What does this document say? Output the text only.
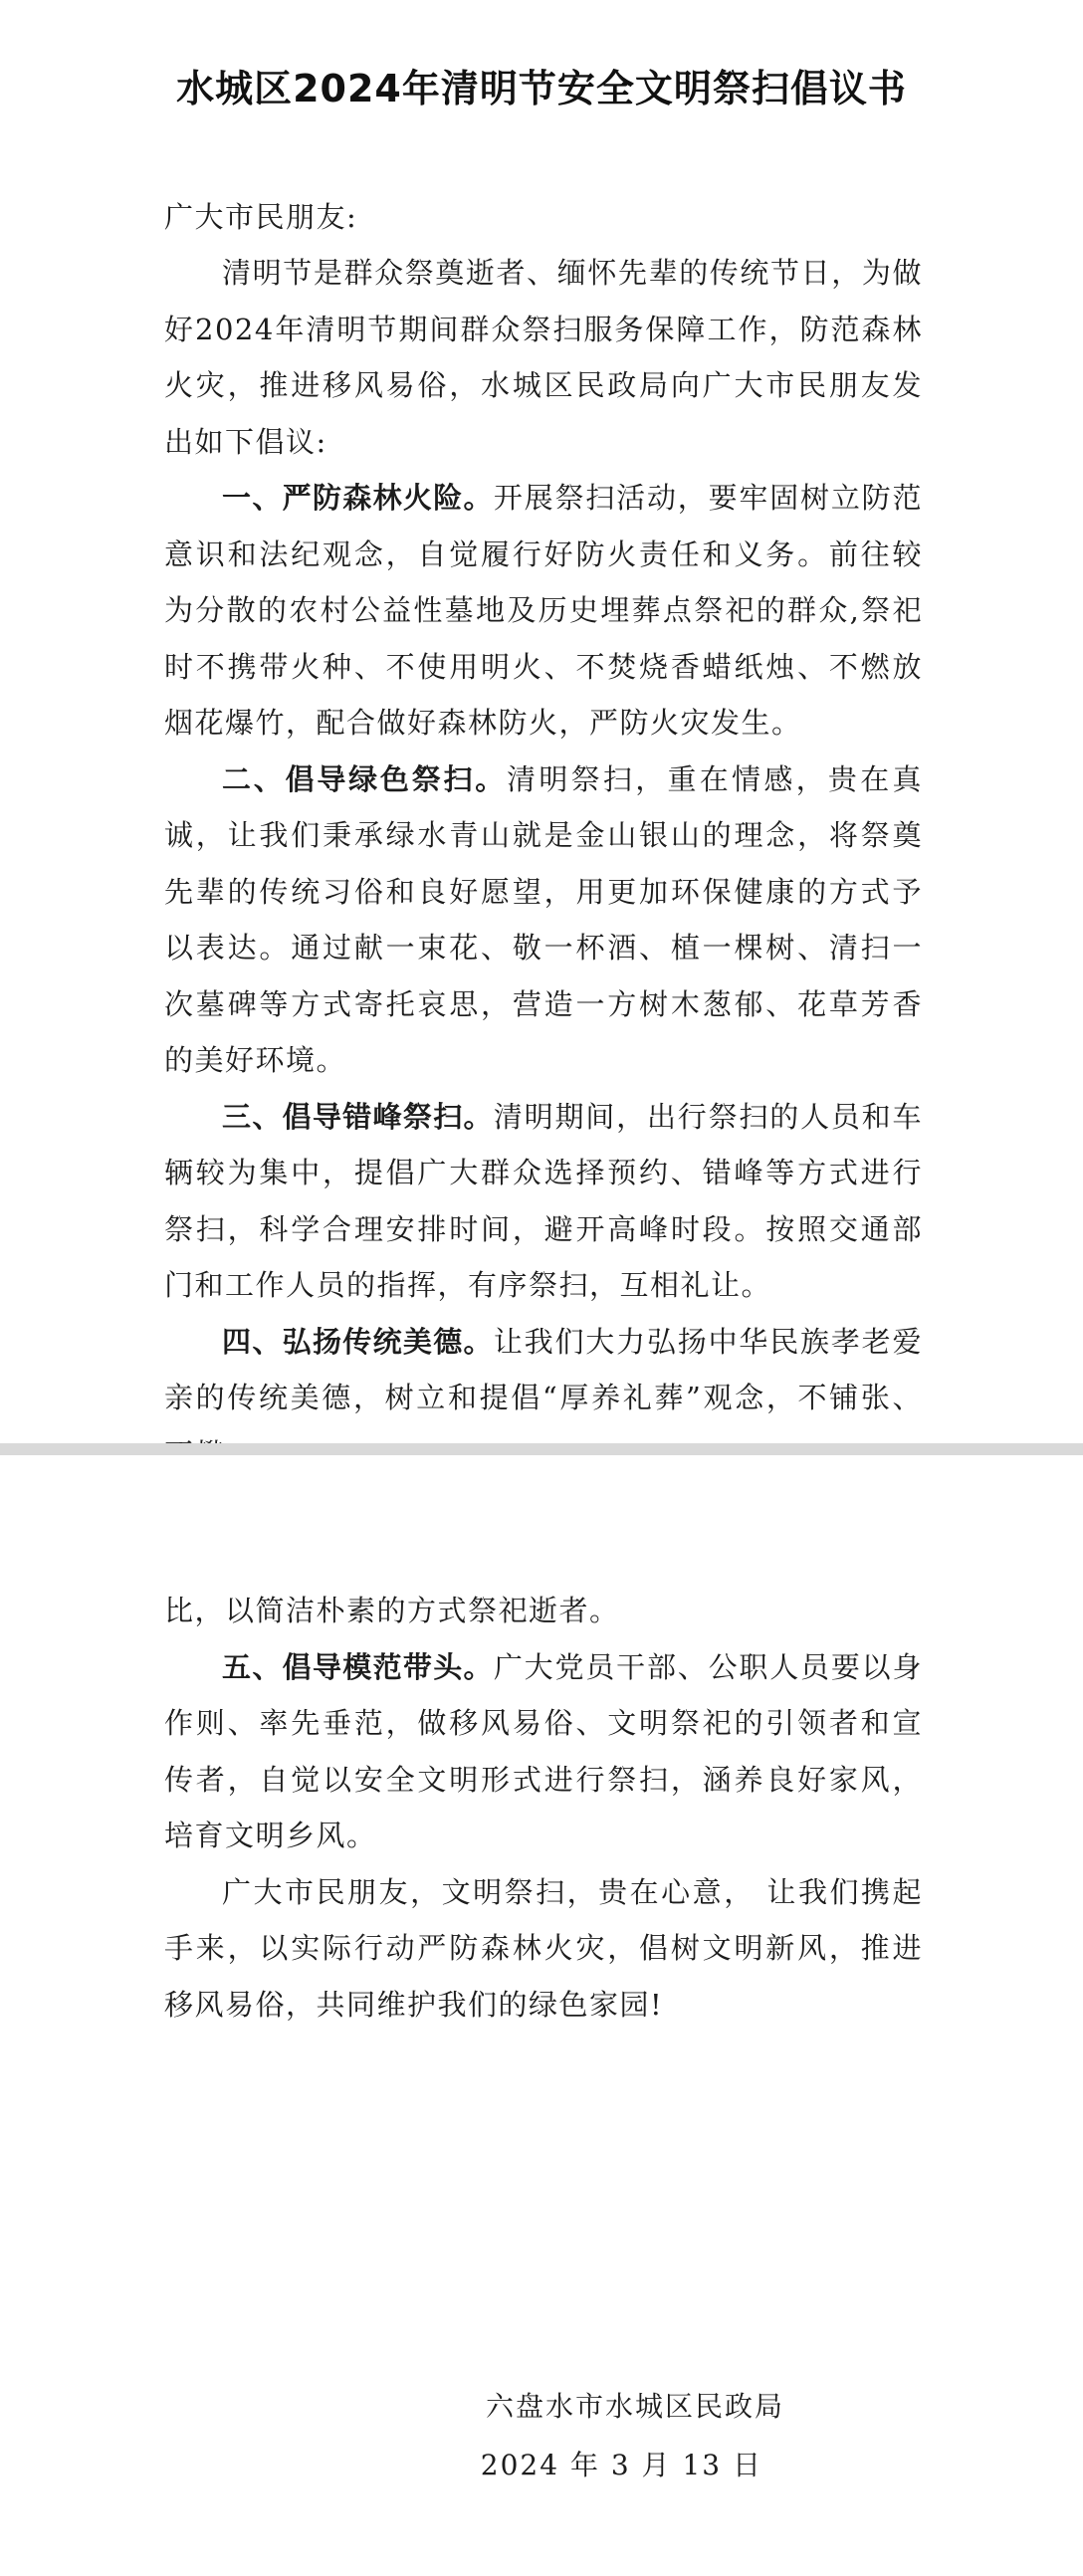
水城区2024年清明节安全文明祭扫倡议书

广大市民朋友:

清明节是群众祭奠逝者、缅怀先辈的传统节日，为做好2024年清明节期间群众祭扫服务保障工作，防范森林火灾，推进移风易俗，水城区民政局向广大市民朋友发出如下倡议:

一、严防森林火险。开展祭扫活动，要牢固树立防范意识和法纪观念，自觉履行好防火责任和义务。前往较为分散的农村公益性墓地及历史埋葬点祭祀的群众,祭祀时不携带火种、不使用明火、不焚烧香蜡纸烛、不燃放烟花爆竹，配合做好森林防火，严防火灾发生。

二、倡导绿色祭扫。清明祭扫，重在情感，贵在真诚，让我们秉承绿水青山就是金山银山的理念，将祭奠先辈的传统习俗和良好愿望，用更加环保健康的方式予以表达。通过献一束花、敬一杯酒、植一棵树、清扫一次墓碑等方式寄托哀思，营造一方树木葱郁、花草芳香的美好环境。

三、倡导错峰祭扫。清明期间，出行祭扫的人员和车辆较为集中，提倡广大群众选择预约、错峰等方式进行祭扫，科学合理安排时间，避开高峰时段。按照交通部门和工作人员的指挥，有序祭扫，互相礼让。

四、弘扬传统美德。让我们大力弘扬中华民族孝老爱亲的传统美德，树立和提倡“厚养礼葬”观念，不铺张、

比，以简洁朴素的方式祭祀逝者。

五、倡导模范带头。广大党员干部、公职人员要以身作则、率先垂范，做移风易俗、文明祭祀的引领者和宣传者，自觉以安全文明形式进行祭扫，涵养良好家风，培育文明乡风。

广大市民朋友，文明祭扫，贵在心意， 让我们携起手来，以实际行动严防森林火灾，倡树文明新风，推进移风易俗，共同维护我们的绿色家园!

六盘水市水城区民政局
2024 年 3 月 13 日
